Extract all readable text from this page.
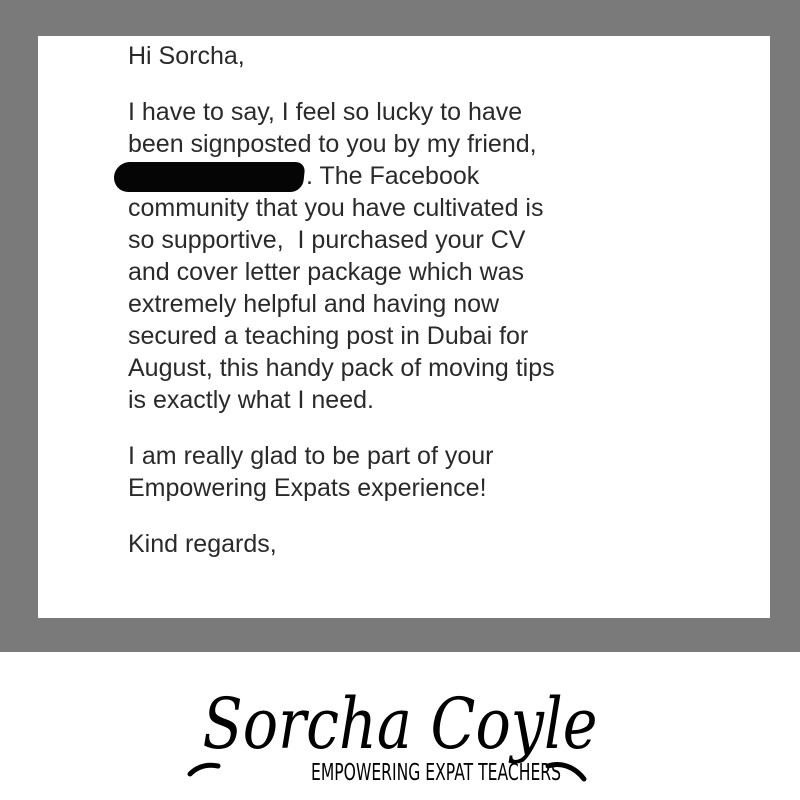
Hi Sorcha,
I have to say, I feel so lucky to have
been signposted to you by my friend,
. The Facebook
community that you have cultivated is
so supportive,  I purchased your CV
and cover letter package which was
extremely helpful and having now
secured a teaching post in Dubai for
August, this handy pack of moving tips
is exactly what I need.
I am really glad to be part of your
Empowering Expats experience!
Kind regards,
Sorcha Coyle
EMPOWERING EXPAT TEACHERS
